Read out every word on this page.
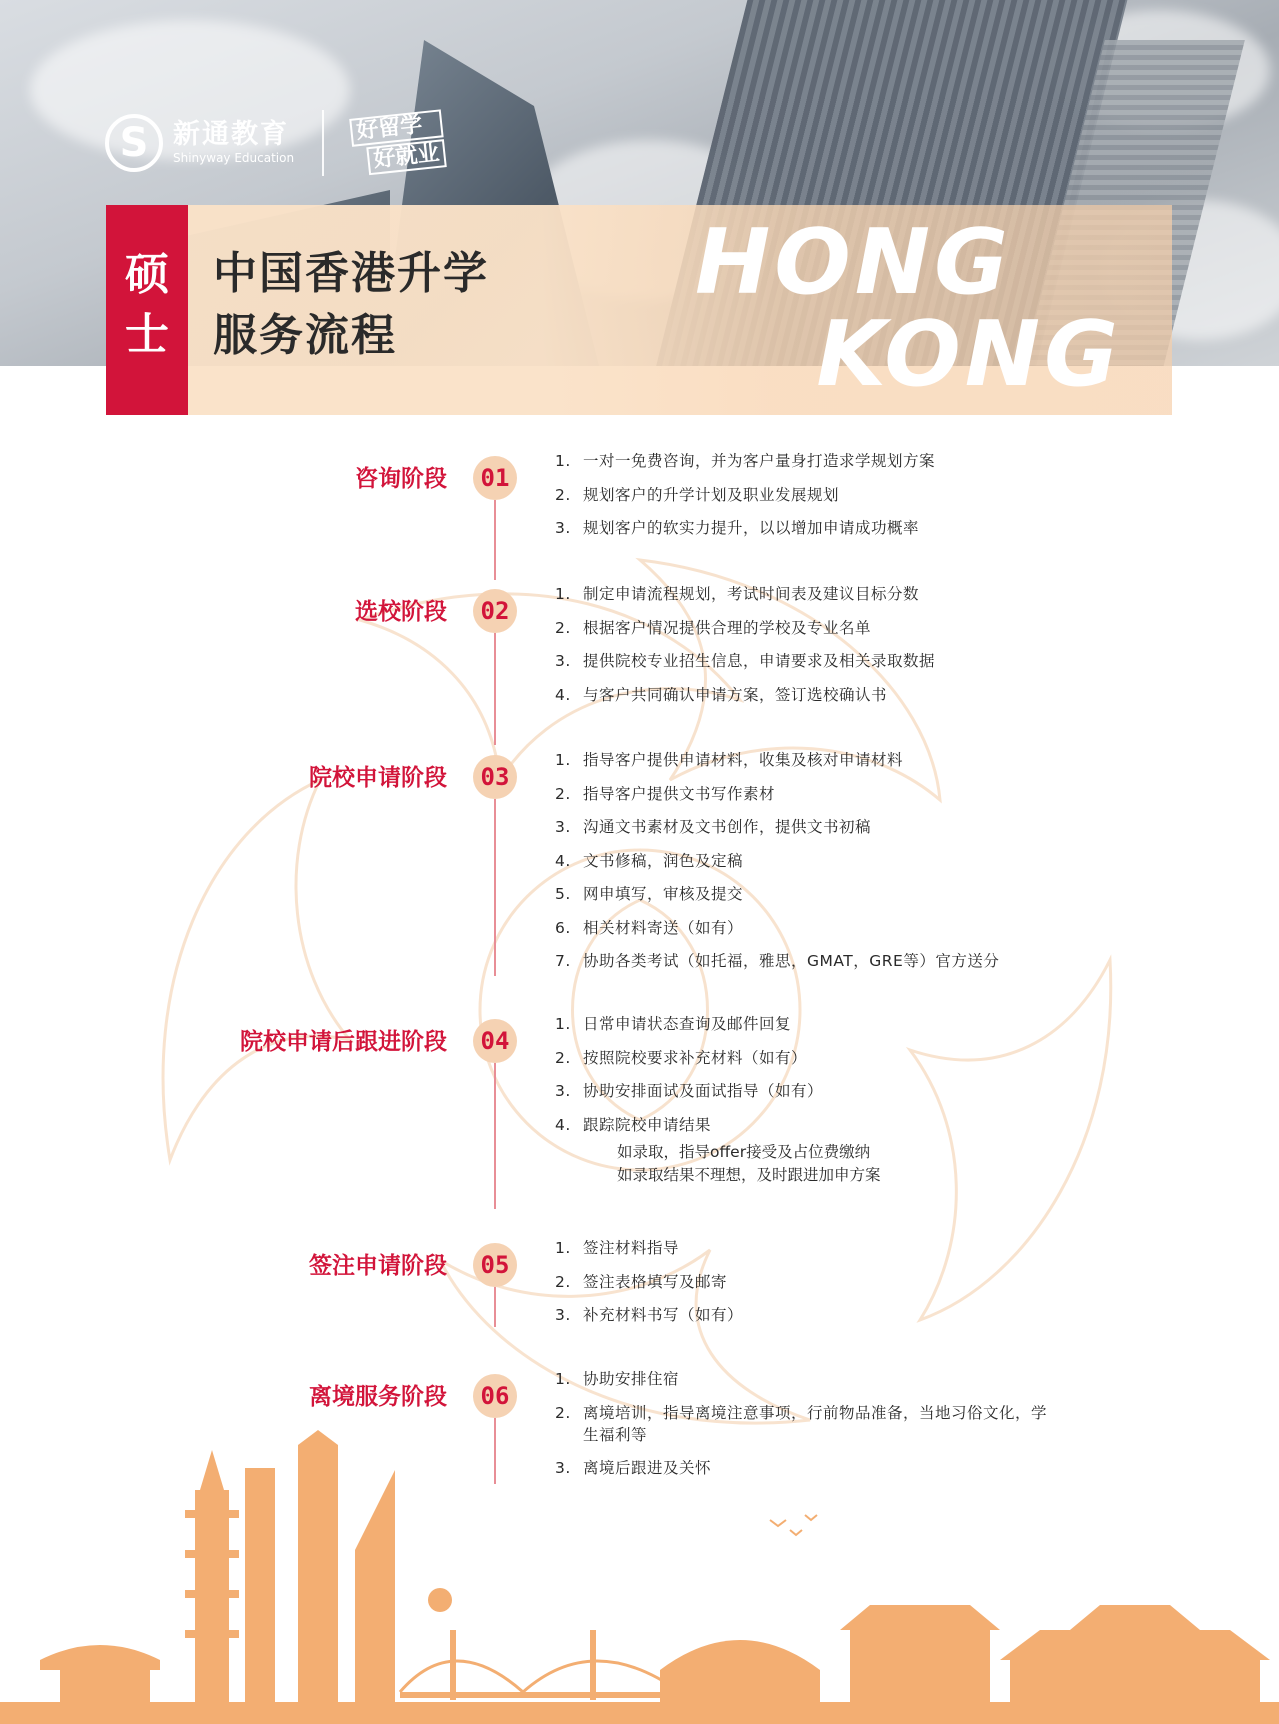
S 新通教育
Shinyway Education
好留学
好就业
硕士
中国香港升学
服务流程
HONG
KONG
咨询阶段	01
1. 一对一免费咨询，并为客户量身打造求学规划方案
2. 规划客户的升学计划及职业发展规划
3. 规划客户的软实力提升，以以增加申请成功概率
选校阶段	02
1. 制定申请流程规划，考试时间表及建议目标分数
2. 根据客户情况提供合理的学校及专业名单
3. 提供院校专业招生信息，申请要求及相关录取数据
4. 与客户共同确认申请方案，签订选校确认书
院校申请阶段	03
1. 指导客户提供申请材料，收集及核对申请材料
2. 指导客户提供文书写作素材
3. 沟通文书素材及文书创作，提供文书初稿
4. 文书修稿，润色及定稿
5. 网申填写，审核及提交
6. 相关材料寄送（如有）
7. 协助各类考试（如托福，雅思，GMAT，GRE等）官方送分
院校申请后跟进阶段	04
1. 日常申请状态查询及邮件回复
2. 按照院校要求补充材料（如有）
3. 协助安排面试及面试指导（如有）
4. 跟踪院校申请结果
如录取，指导offer接受及占位费缴纳
如录取结果不理想，及时跟进加申方案
签注申请阶段	05
1. 签注材料指导
2. 签注表格填写及邮寄
3. 补充材料书写（如有）
离境服务阶段	06
1. 协助安排住宿
2. 离境培训，指导离境注意事项，行前物品准备，当地习俗文化，学生福利等
3. 离境后跟进及关怀
